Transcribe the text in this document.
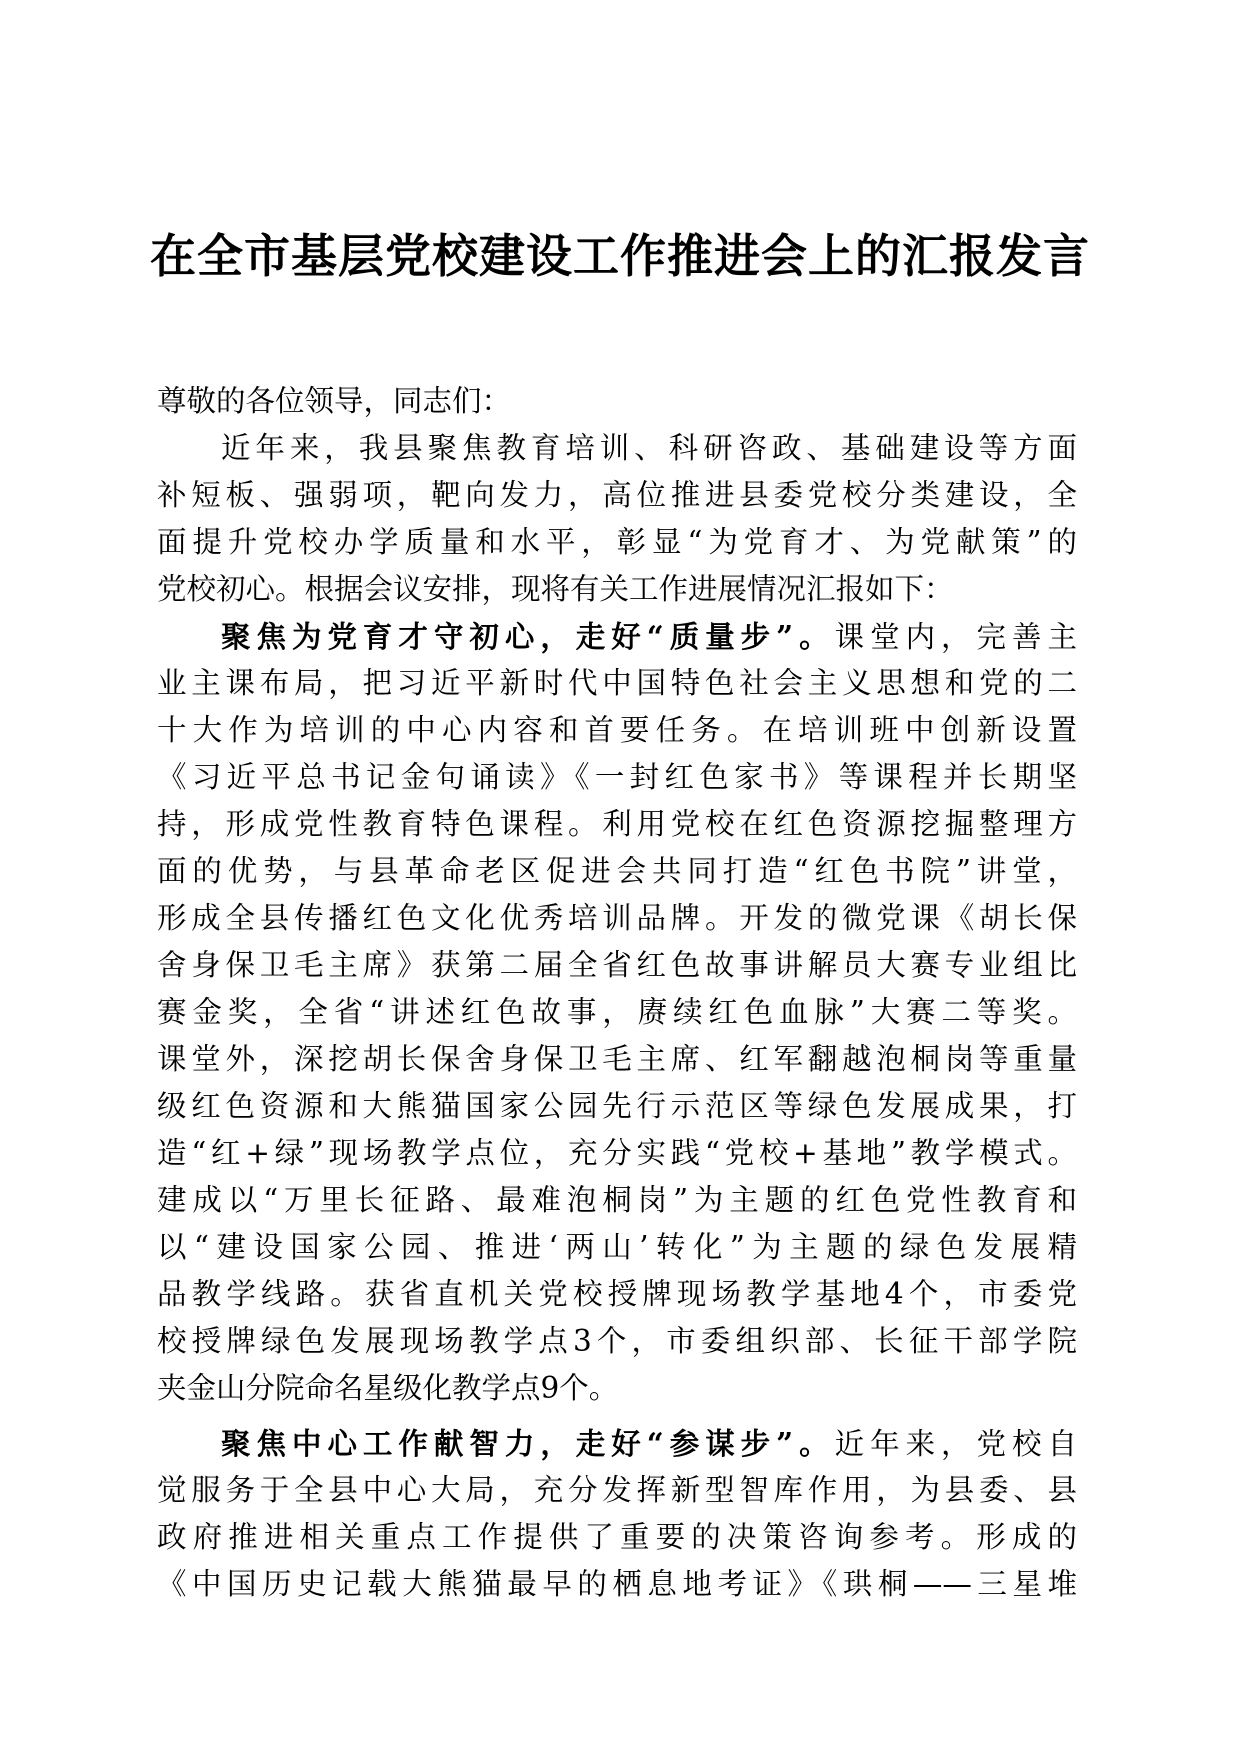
在全市基层党校建设工作推进会上的汇报发言
尊敬的各位领导，同志们：
近年来，我县聚焦教育培训、科研咨政、基础建设等方面
补短板、强弱项，靶向发力，高位推进县委党校分类建设，全
面提升党校办学质量和水平，彰显“为党育才、为党献策”的
党校初心。根据会议安排，现将有关工作进展情况汇报如下：
聚焦为党育才守初心，走好“质量步”。课堂内，完善主
业主课布局，把习近平新时代中国特色社会主义思想和党的二
十大作为培训的中心内容和首要任务。在培训班中创新设置
《习近平总书记金句诵读》《一封红色家书》等课程并长期坚
持，形成党性教育特色课程。利用党校在红色资源挖掘整理方
面的优势，与县革命老区促进会共同打造“红色书院”讲堂，
形成全县传播红色文化优秀培训品牌。开发的微党课《胡长保
舍身保卫毛主席》获第二届全省红色故事讲解员大赛专业组比
赛金奖，全省“讲述红色故事，赓续红色血脉”大赛二等奖。
课堂外，深挖胡长保舍身保卫毛主席、红军翻越泡桐岗等重量
级红色资源和大熊猫国家公园先行示范区等绿色发展成果，打
造“红+绿”现场教学点位，充分实践“党校+基地”教学模式。
建成以“万里长征路、最难泡桐岗”为主题的红色党性教育和
以“建设国家公园、推进‘两山’转化”为主题的绿色发展精
品教学线路。获省直机关党校授牌现场教学基地4个，市委党
校授牌绿色发展现场教学点3个，市委组织部、长征干部学院
夹金山分院命名星级化教学点9个。
聚焦中心工作献智力，走好“参谋步”。近年来，党校自
觉服务于全县中心大局，充分发挥新型智库作用，为县委、县
政府推进相关重点工作提供了重要的决策咨询参考。形成的
《中国历史记载大熊猫最早的栖息地考证》《珙桐——三星堆
